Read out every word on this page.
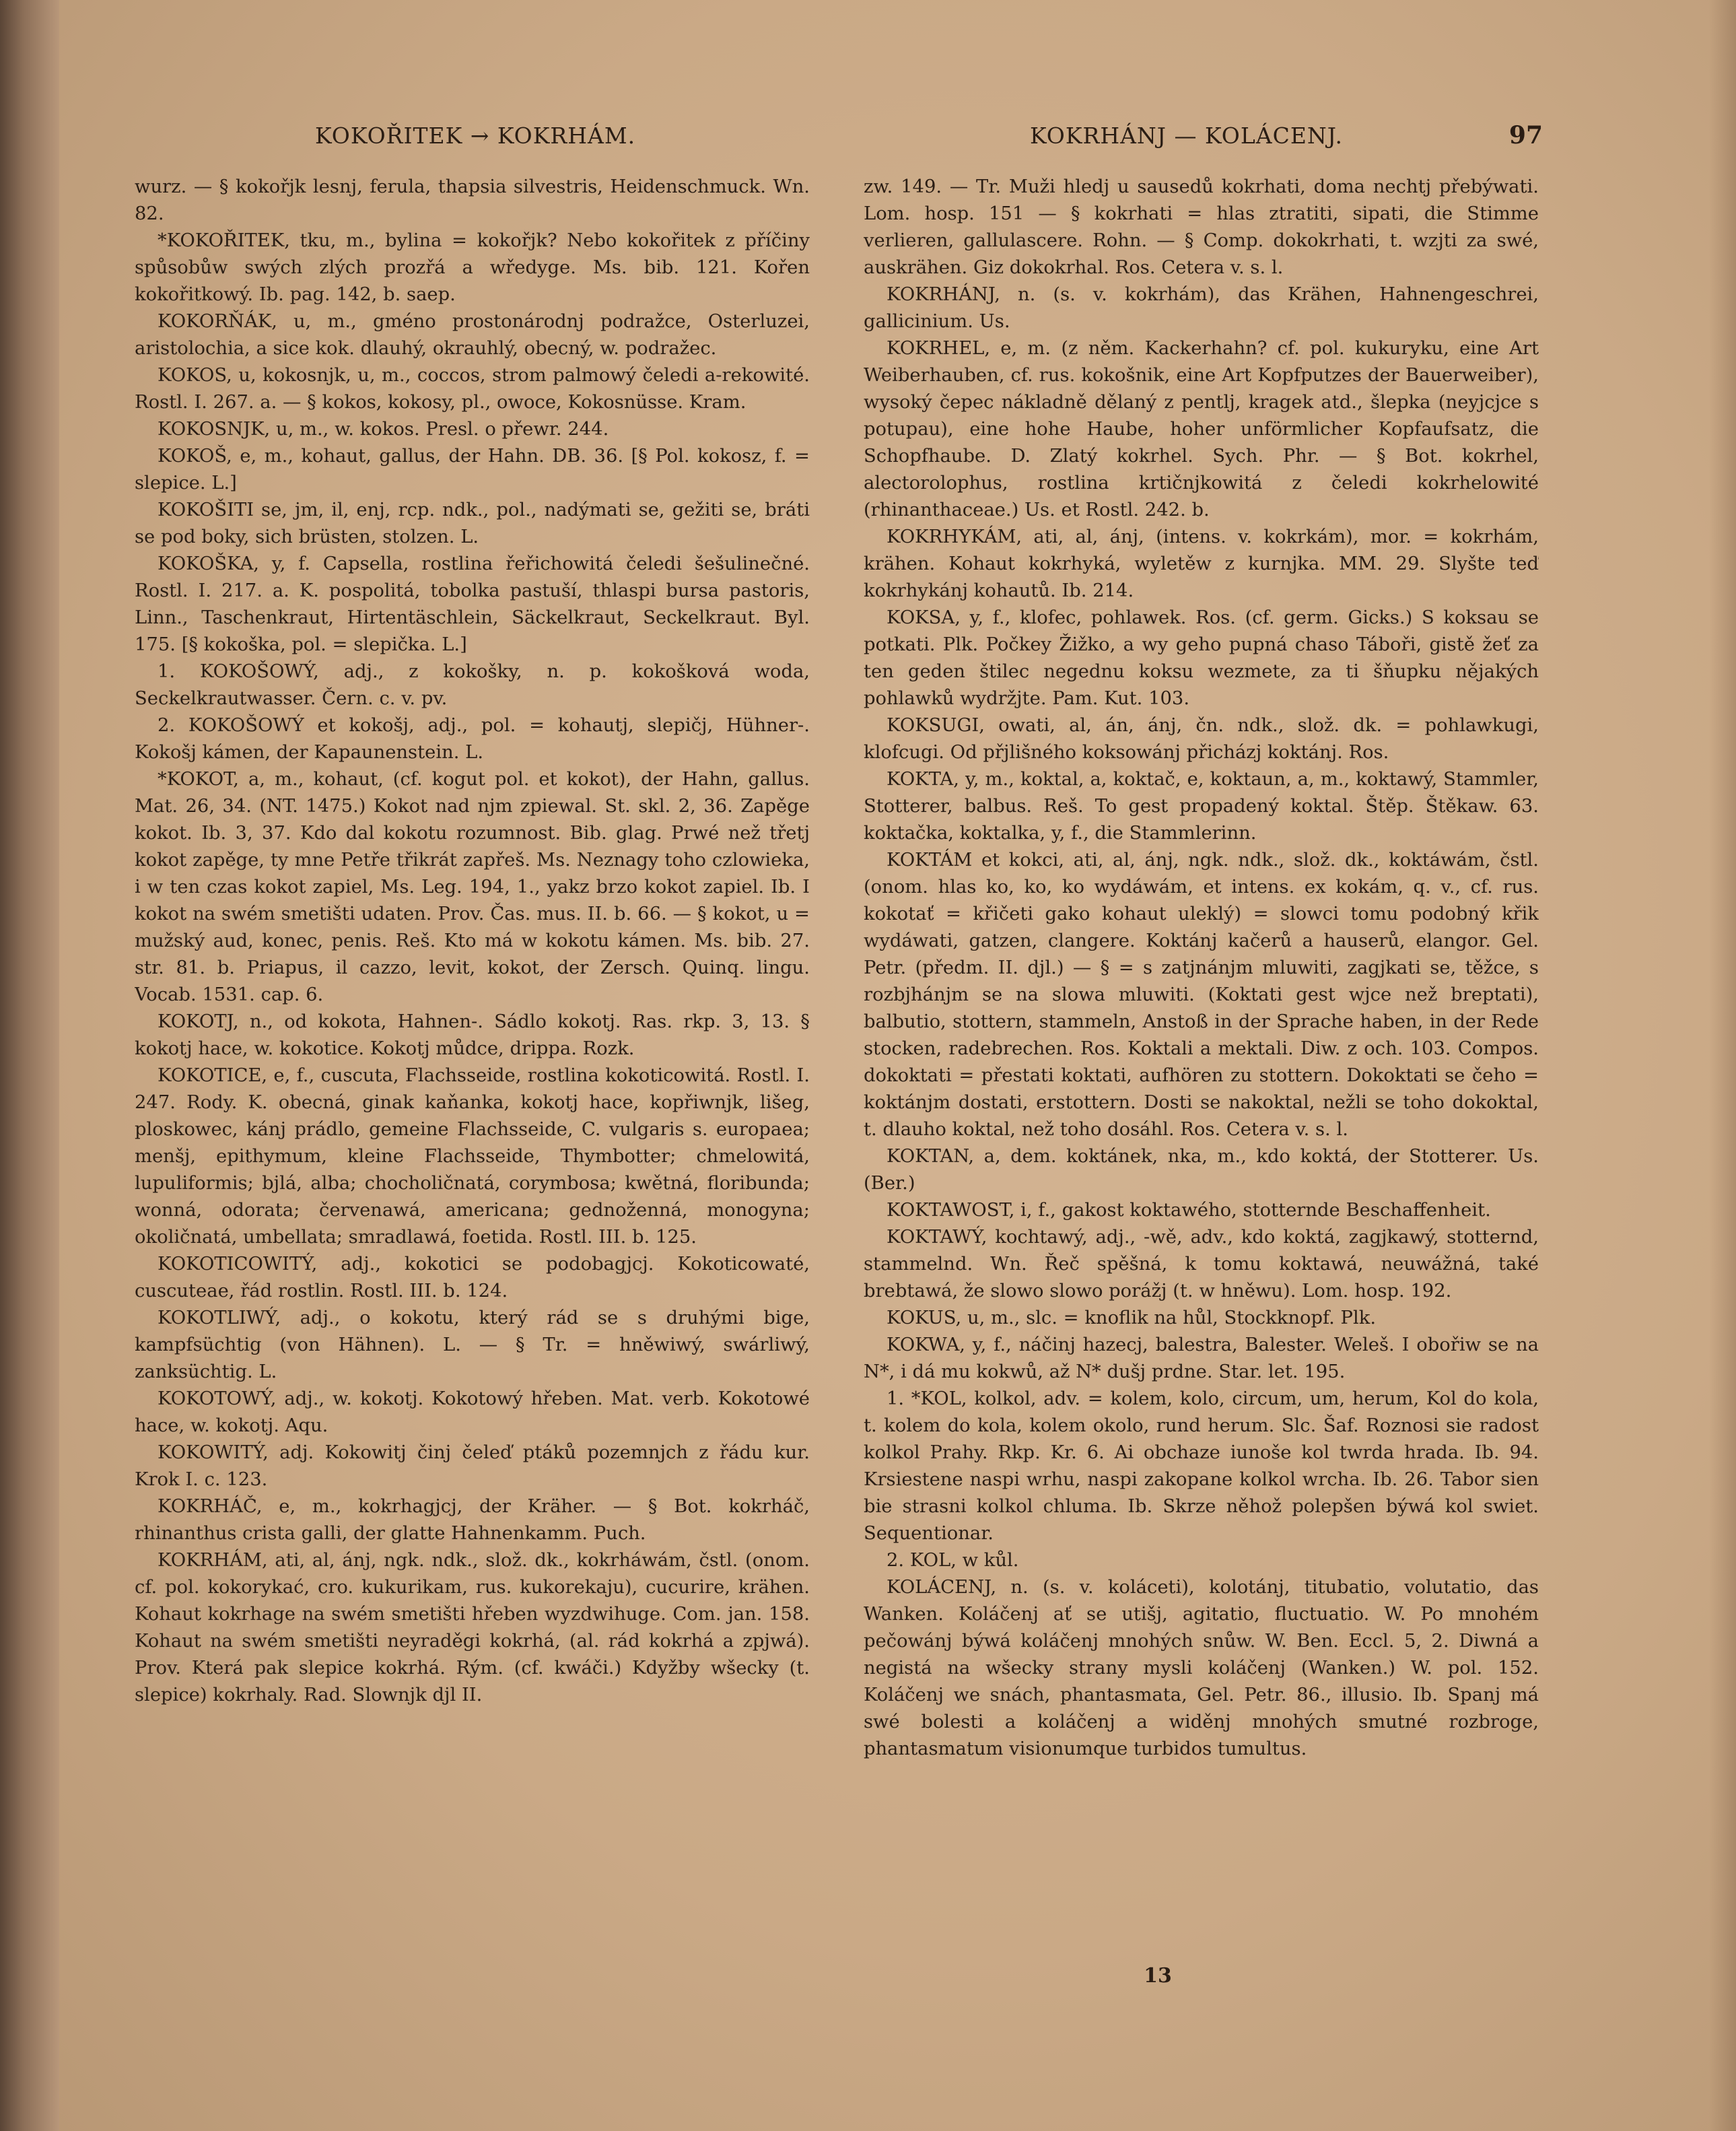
KOKOŘITEK → KOKRHÁM.	KOKRHÁNJ — KOLÁCENJ.	97

wurz. — § kokořjk lesnj, ferula, thapsia silvestris, Heidenschmuck. Wn. 82.

*KOKOŘITEK, tku, m., bylina = kokořjk? Nebo kokořitek z příčiny spůsobůw swých zlých prozřá a wředyge. Ms. bib. 121. Kořen kokořitkowý. Ib. pag. 142, b. saep.

KOKORŇÁK, u, m., gméno prostonárodnj podražce, Osterluzei, aristolochia, a sice kok. dlauhý, okrauhlý, obecný, w. podražec.

KOKOS, u, kokosnjk, u, m., coccos, strom palmowý čeledi a-rekowité. Rostl. I. 267. a. — § kokos, kokosy, pl., owoce, Kokosnüsse. Kram.

KOKOSNJK, u, m., w. kokos. Presl. o přewr. 244.

KOKOŠ, e, m., kohaut, gallus, der Hahn. DB. 36. [§ Pol. kokosz, f. = slepice. L.]

KOKOŠITI se, jm, il, enj, rcp. ndk., pol., nadýmati se, gežiti se, bráti se pod boky, sich brüsten, stolzen. L.

KOKOŠKA, y, f. Capsella, rostlina řeřichowitá čeledi šešulinečné. Rostl. I. 217. a. K. pospolitá, tobolka pastuší, thlaspi bursa pastoris, Linn., Taschenkraut, Hirtentäschlein, Säckelkraut, Seckelkraut. Byl. 175. [§ kokoška, pol. = slepička. L.]

1. KOKOŠOWÝ, adj., z kokošky, n. p. kokošková woda, Seckelkrautwasser. Čern. c. v. pv.

2. KOKOŠOWÝ et kokošj, adj., pol. = kohautj, slepičj, Hühner-. Kokošj kámen, der Kapaunenstein. L.

*KOKOT, a, m., kohaut, (cf. kogut pol. et kokot), der Hahn, gallus. Mat. 26, 34. (NT. 1475.) Kokot nad njm zpiewal. St. skl. 2, 36. Zapěge kokot. Ib. 3, 37. Kdo dal kokotu rozumnost. Bib. glag. Prwé než třetj kokot zapěge, ty mne Petře třikrát zapřeš. Ms. Neznagy toho czlowieka, i w ten czas kokot zapiel, Ms. Leg. 194, 1., yakz brzo kokot zapiel. Ib. I kokot na swém smetišti udaten. Prov. Čas. mus. II. b. 66. — § kokot, u = mužský aud, konec, penis. Reš. Kto má w kokotu kámen. Ms. bib. 27. str. 81. b. Priapus, il cazzo, levit, kokot, der Zersch. Quinq. lingu. Vocab. 1531. cap. 6.

KOKOTJ, n., od kokota, Hahnen-. Sádlo kokotj. Ras. rkp. 3, 13. § kokotj hace, w. kokotice. Kokotj můdce, drippa. Rozk.

KOKOTICE, e, f., cuscuta, Flachsseide, rostlina kokoticowitá. Rostl. I. 247. Rody. K. obecná, ginak kaňanka, kokotj hace, kopřiwnjk, lišeg, ploskowec, kánj prádlo, gemeine Flachsseide, C. vulgaris s. europaea; menšj, epithymum, kleine Flachsseide, Thymbotter; chmelowitá, lupuliformis; bjlá, alba; chocholičnatá, corymbosa; kwětná, floribunda; wonná, odorata; červenawá, americana; gednoženná, monogyna; okoličnatá, umbellata; smradlawá, foetida. Rostl. III. b. 125.

KOKOTICOWITÝ, adj., kokotici se podobagjcj. Kokoticowaté, cuscuteae, řád rostlin. Rostl. III. b. 124.

KOKOTLIWÝ, adj., o kokotu, který rád se s druhými bige, kampfsüchtig (von Hähnen). L. — § Tr. = hněwiwý, swárliwý, zanksüchtig. L.

KOKOTOWÝ, adj., w. kokotj. Kokotowý hřeben. Mat. verb. Kokotowé hace, w. kokotj. Aqu.

KOKOWITÝ, adj. Kokowitj činj čeleď ptáků pozemnjch z řádu kur. Krok I. c. 123.

KOKRHÁČ, e, m., kokrhagjcj, der Kräher. — § Bot. kokrháč, rhinanthus crista galli, der glatte Hahnenkamm. Puch.

KOKRHÁM, ati, al, ánj, ngk. ndk., slož. dk., kokrháwám, čstl. (onom. cf. pol. kokorykać, cro. kukurikam, rus. kukorekaju), cucurire, krähen. Kohaut kokrhage na swém smetišti hřeben wyzdwihuge. Com. jan. 158. Kohaut na swém smetišti neyraděgi kokrhá, (al. rád kokrhá a zpjwá). Prov. Která pak slepice kokrhá. Rým. (cf. kwáči.) Kdyžby wšecky (t. slepice) kokrhaly. Rad. Slownjk djl II.

zw. 149. — Tr. Muži hledj u sausedů kokrhati, doma nechtj přebýwati. Lom. hosp. 151 — § kokrhati = hlas ztratiti, sipati, die Stimme verlieren, gallulascere. Rohn. — § Comp. dokokrhati, t. wzjti za swé, auskrähen. Giz dokokrhal. Ros. Cetera v. s. l.

KOKRHÁNJ, n. (s. v. kokrhám), das Krähen, Hahnengeschrei, gallicinium. Us.

KOKRHEL, e, m. (z něm. Kackerhahn? cf. pol. kukuryku, eine Art Weiberhauben, cf. rus. kokošnik, eine Art Kopfputzes der Bauerweiber), wysoký čepec nákladně dělaný z pentlj, kragek atd., šlepka (neyjcjce s potupau), eine hohe Haube, hoher unförmlicher Kopfaufsatz, die Schopfhaube. D. Zlatý kokrhel. Sych. Phr. — § Bot. kokrhel, alectorolophus, rostlina krtičnjkowitá z čeledi kokrhelowité (rhinanthaceae.) Us. et Rostl. 242. b.

KOKRHYKÁM, ati, al, ánj, (intens. v. kokrkám), mor. = kokrhám, krähen. Kohaut kokrhyká, wyletěw z kurnjka. MM. 29. Slyšte teď kokrhykánj kohautů. Ib. 214.

KOKSA, y, f., klofec, pohlawek. Ros. (cf. germ. Gicks.) S koksau se potkati. Plk. Počkey Žižko, a wy geho pupná chaso Táboři, gistě žeť za ten geden štilec negednu koksu wezmete, za ti šňupku nějakých pohlawků wydržjte. Pam. Kut. 103.

KOKSUGI, owati, al, án, ánj, čn. ndk., slož. dk. = pohlawkugi, klofcugi. Od přjlišného koksowánj přicházj koktánj. Ros.

KOKTA, y, m., koktal, a, koktač, e, koktaun, a, m., koktawý, Stammler, Stotterer, balbus. Reš. To gest propadený koktal. Štěp. Štěkaw. 63. koktačka, koktalka, y, f., die Stammlerinn.

KOKTÁM et kokci, ati, al, ánj, ngk. ndk., slož. dk., koktáwám, čstl. (onom. hlas ko, ko, ko wydáwám, et intens. ex kokám, q. v., cf. rus. kokotať = křičeti gako kohaut uleklý) = slowci tomu podobný křik wydáwati, gatzen, clangere. Koktánj kačerů a hauserů, elangor. Gel. Petr. (předm. II. djl.) — § = s zatjnánjm mluwiti, zagjkati se, těžce, s rozbjhánjm se na slowa mluwiti. (Koktati gest wjce než breptati), balbutio, stottern, stammeln, Anstoß in der Sprache haben, in der Rede stocken, radebrechen. Ros. Koktali a mektali. Diw. z och. 103. Compos. dokoktati = přestati koktati, aufhören zu stottern. Dokoktati se čeho = koktánjm dostati, erstottern. Dosti se nakoktal, nežli se toho dokoktal, t. dlauho koktal, než toho dosáhl. Ros. Cetera v. s. l.

KOKTAN, a, dem. koktánek, nka, m., kdo koktá, der Stotterer. Us. (Ber.)

KOKTAWOST, i, f., gakost koktawého, stotternde Beschaffenheit.

KOKTAWÝ, kochtawý, adj., -wě, adv., kdo koktá, zagjkawý, stotternd, stammelnd. Wn. Řeč spěšná, k tomu koktawá, neuwážná, také brebtawá, že slowo slowo porážj (t. w hněwu). Lom. hosp. 192.

KOKUS, u, m., slc. = knoflik na hůl, Stockknopf. Plk.

KOKWA, y, f., náčinj hazecj, balestra, Balester. Weleš. I obořiw se na N*, i dá mu kokwů, až N* dušj prdne. Star. let. 195.

1. *KOL, kolkol, adv. = kolem, kolo, circum, um, herum, Kol do kola, t. kolem do kola, kolem okolo, rund herum. Slc. Šaf. Roznosi sie radost kolkol Prahy. Rkp. Kr. 6. Ai obchaze iunoše kol twrda hrada. Ib. 94. Krsiestene naspi wrhu, naspi zakopane kolkol wrcha. Ib. 26. Tabor sien bie strasni kolkol chluma. Ib. Skrze něhož polepšen býwá kol swiet. Sequentionar.

2. KOL, w kůl.

KOLÁCENJ, n. (s. v. koláceti), kolotánj, titubatio, volutatio, das Wanken. Koláčenj ať se utišj, agitatio, fluctuatio. W. Po mnohém pečowánj býwá koláčenj mnohých snůw. W. Ben. Eccl. 5, 2. Diwná a negistá na wšecky strany mysli koláčenj (Wanken.) W. pol. 152. Koláčenj we snách, phantasmata, Gel. Petr. 86., illusio. Ib. Spanj má swé bolesti a koláčenj a widěnj mnohých smutné rozbroge, phantasmatum visionumque turbidos tumultus.

13
